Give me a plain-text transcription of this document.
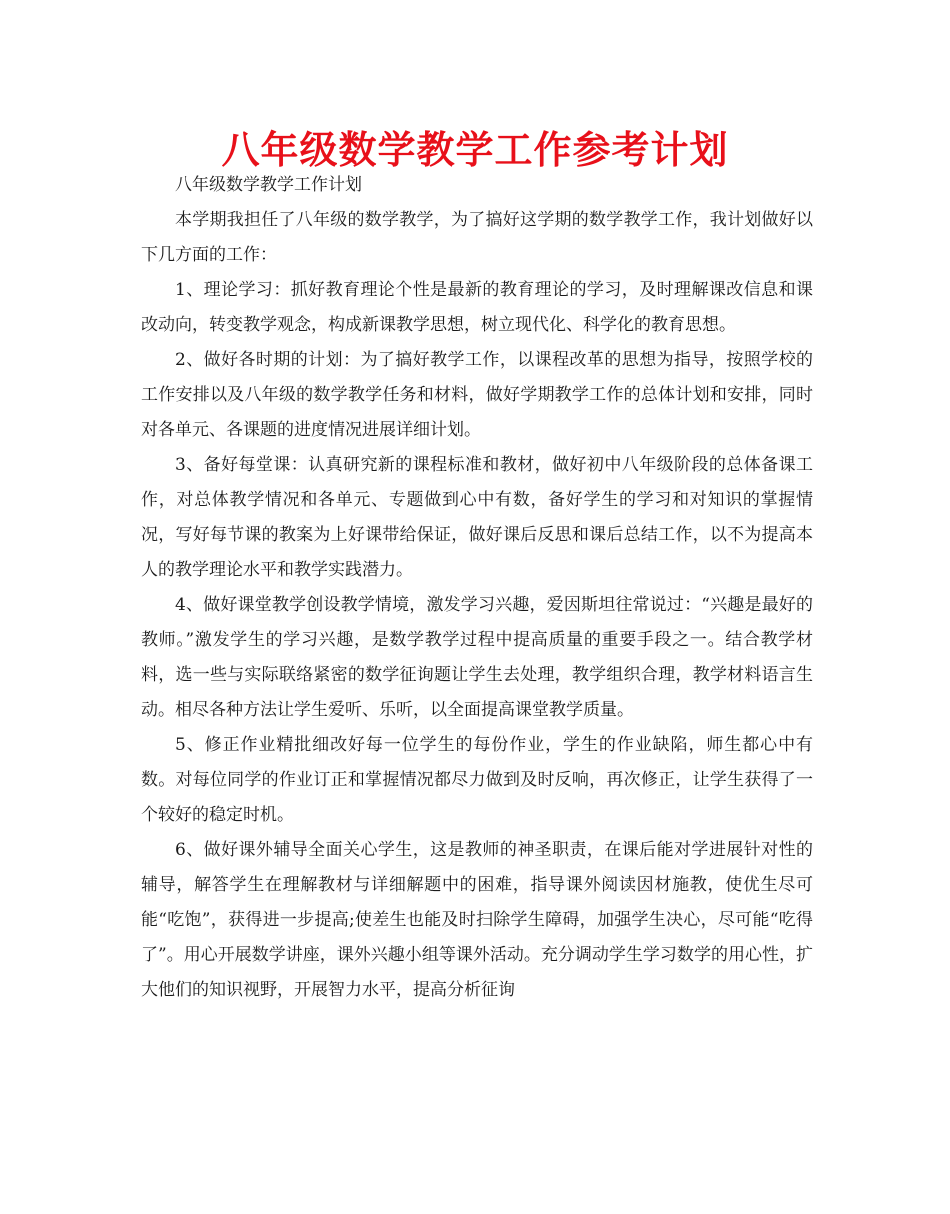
八年级数学教学工作参考计划

八年级数学教学工作计划

本学期我担任了八年级的数学教学，为了搞好这学期的数学教学工作，我计划做好以下几方面的工作：

1、理论学习：抓好教育理论个性是最新的教育理论的学习，及时理解课改信息和课改动向，转变教学观念，构成新课教学思想，树立现代化、科学化的教育思想。

2、做好各时期的计划：为了搞好教学工作，以课程改革的思想为指导，按照学校的工作安排以及八年级的数学教学任务和材料，做好学期教学工作的总体计划和安排，同时对各单元、各课题的进度情况进展详细计划。

3、备好每堂课：认真研究新的课程标准和教材，做好初中八年级阶段的总体备课工作，对总体教学情况和各单元、专题做到心中有数，备好学生的学习和对知识的掌握情况，写好每节课的教案为上好课带给保证，做好课后反思和课后总结工作，以不为提高本人的教学理论水平和教学实践潜力。

4、做好课堂教学创设教学情境，激发学习兴趣，爱因斯坦往常说过：“兴趣是最好的教师。”激发学生的学习兴趣，是数学教学过程中提高质量的重要手段之一。结合教学材料，选一些与实际联络紧密的数学征询题让学生去处理，教学组织合理，教学材料语言生动。相尽各种方法让学生爱听、乐听，以全面提高课堂教学质量。

5、修正作业精批细改好每一位学生的每份作业，学生的作业缺陷，师生都心中有数。对每位同学的作业订正和掌握情况都尽力做到及时反响，再次修正，让学生获得了一个较好的稳定时机。

6、做好课外辅导全面关心学生，这是教师的神圣职责，在课后能对学进展针对性的辅导，解答学生在理解教材与详细解题中的困难，指导课外阅读因材施教，使优生尽可能“吃饱”，获得进一步提高;使差生也能及时扫除学生障碍，加强学生决心，尽可能“吃得了”。用心开展数学讲座，课外兴趣小组等课外活动。充分调动学生学习数学的用心性，扩大他们的知识视野，开展智力水平，提高分析征询
